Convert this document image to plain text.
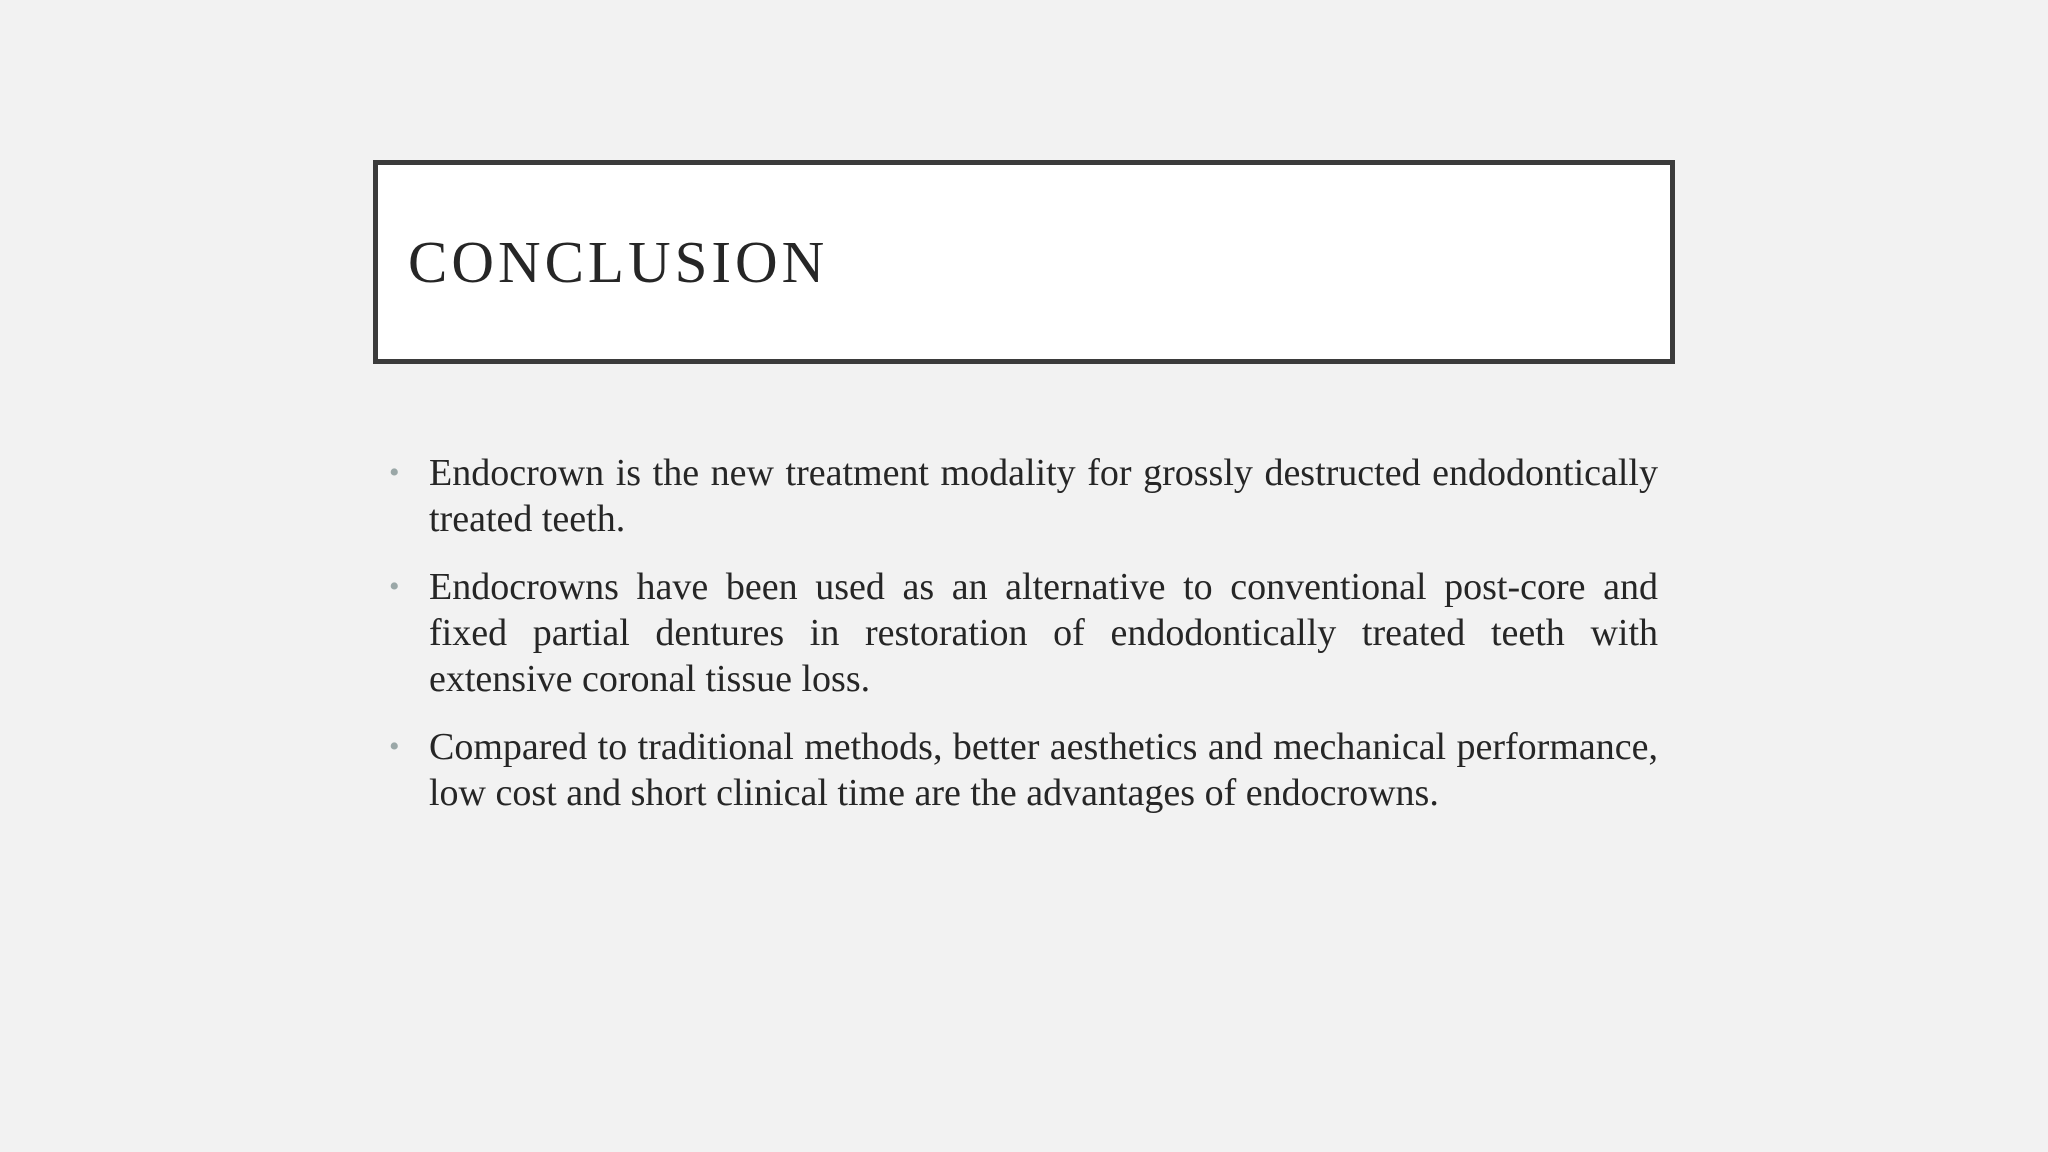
CONCLUSION
• Endocrown is the new treatment modality for grossly destructed endodontically treated teeth.
• Endocrowns have been used as an alternative to conventional post-core and fixed partial dentures in restoration of endodontically treated teeth with extensive coronal tissue loss.
• Compared to traditional methods, better aesthetics and mechanical performance, low cost and short clinical time are the advantages of endocrowns.
